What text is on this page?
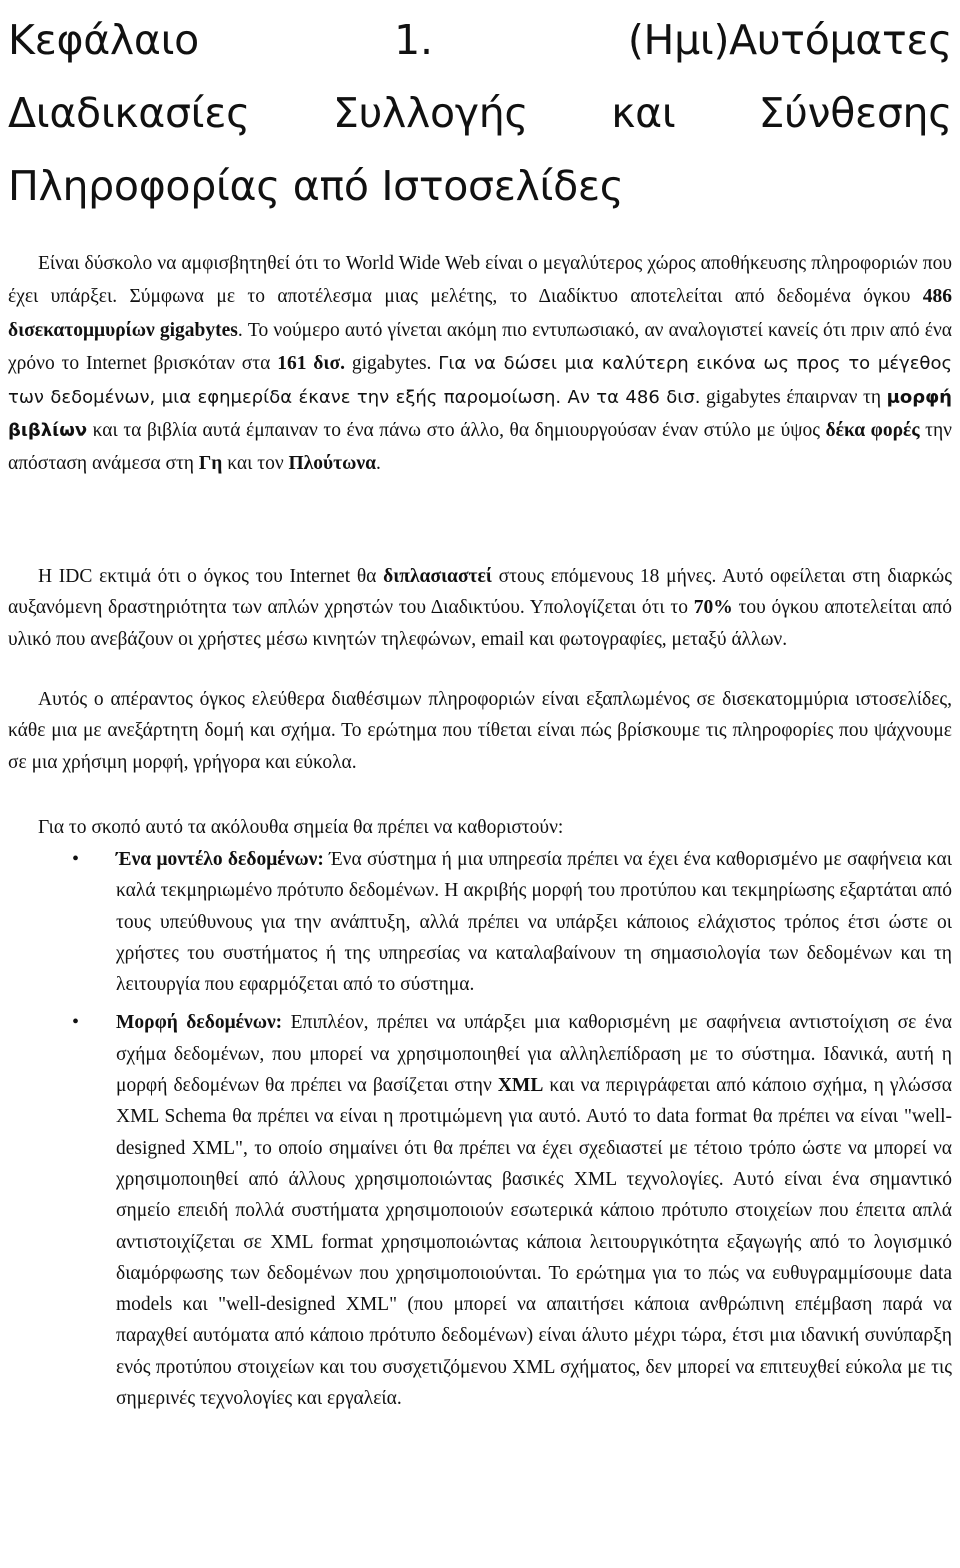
Κεφάλαιο 1. (Ημι)Αυτόματες
Διαδικασίες Συλλογής και Σύνθεσης
Πληροφορίας από Ιστοσελίδες

Είναι δύσκολο να αμφισβητηθεί ότι το World Wide Web είναι ο μεγαλύτερος χώρος αποθήκευσης πληροφοριών που έχει υπάρξει. Σύμφωνα με το αποτέλεσμα μιας μελέτης, το Διαδίκτυο αποτελείται από δεδομένα όγκου 486 δισεκατομμυρίων gigabytes. Το νούμερο αυτό γίνεται ακόμη πιο εντυπωσιακό, αν αναλογιστεί κανείς ότι πριν από ένα χρόνο το Internet βρισκόταν στα 161 δισ. gigabytes. Για να δώσει μια καλύτερη εικόνα ως προς το μέγεθος των δεδομένων, μια εφημερίδα έκανε την εξής παρομοίωση. Αν τα 486 δισ. gigabytes έπαιρναν τη μορφή βιβλίων και τα βιβλία αυτά έμπαιναν το ένα πάνω στο άλλο, θα δημιουργούσαν έναν στύλο με ύψος δέκα φορές την απόσταση ανάμεσα στη Γη και τον Πλούτωνα.

Η IDC εκτιμά ότι ο όγκος του Internet θα διπλασιαστεί στους επόμενους 18 μήνες. Αυτό οφείλεται στη διαρκώς αυξανόμενη δραστηριότητα των απλών χρηστών του Διαδικτύου. Υπολογίζεται ότι το 70% του όγκου αποτελείται από υλικό που ανεβάζουν οι χρήστες μέσω κινητών τηλεφώνων, email και φωτογραφίες, μεταξύ άλλων.

Αυτός ο απέραντος όγκος ελεύθερα διαθέσιμων πληροφοριών είναι εξαπλωμένος σε δισεκατομμύρια ιστοσελίδες, κάθε μια με ανεξάρτητη δομή και σχήμα. Το ερώτημα που τίθεται είναι πώς βρίσκουμε τις πληροφορίες που ψάχνουμε σε μια χρήσιμη μορφή, γρήγορα και εύκολα.

Για το σκοπό αυτό τα ακόλουθα σημεία θα πρέπει να καθοριστούν:

• Ένα μοντέλο δεδομένων: Ένα σύστημα ή μια υπηρεσία πρέπει να έχει ένα καθορισμένο με σαφήνεια και καλά τεκμηριωμένο πρότυπο δεδομένων. Η ακριβής μορφή του προτύπου και τεκμηρίωσης εξαρτάται από τους υπεύθυνους για την ανάπτυξη, αλλά πρέπει να υπάρξει κάποιος ελάχιστος τρόπος έτσι ώστε οι χρήστες του συστήματος ή της υπηρεσίας να καταλαβαίνουν τη σημασιολογία των δεδομένων και τη λειτουργία που εφαρμόζεται από το σύστημα.
• Μορφή δεδομένων: Επιπλέον, πρέπει να υπάρξει μια καθορισμένη με σαφήνεια αντιστοίχιση σε ένα σχήμα δεδομένων, που μπορεί να χρησιμοποιηθεί για αλληλεπίδραση με το σύστημα. Ιδανικά, αυτή η μορφή δεδομένων θα πρέπει να βασίζεται στην XML και να περιγράφεται από κάποιο σχήμα, η γλώσσα XML Schema θα πρέπει να είναι η προτιμώμενη για αυτό. Αυτό το data format θα πρέπει να είναι "well-designed XML", το οποίο σημαίνει ότι θα πρέπει να έχει σχεδιαστεί με τέτοιο τρόπο ώστε να μπορεί να χρησιμοποιηθεί από άλλους χρησιμοποιώντας βασικές XML τεχνολογίες. Αυτό είναι ένα σημαντικό σημείο επειδή πολλά συστήματα χρησιμοποιούν εσωτερικά κάποιο πρότυπο στοιχείων που έπειτα απλά αντιστοιχίζεται σε XML format χρησιμοποιώντας κάποια λειτουργικότητα εξαγωγής από το λογισμικό διαμόρφωσης των δεδομένων που χρησιμοποιούνται. Το ερώτημα για το πώς να ευθυγραμμίσουμε data models και "well-designed XML" (που μπορεί να απαιτήσει κάποια ανθρώπινη επέμβαση παρά να παραχθεί αυτόματα από κάποιο πρότυπο δεδομένων) είναι άλυτο μέχρι τώρα, έτσι μια ιδανική συνύπαρξη ενός προτύπου στοιχείων και του συσχετιζόμενου XML σχήματος, δεν μπορεί να επιτευχθεί εύκολα με τις σημερινές τεχνολογίες και εργαλεία.
